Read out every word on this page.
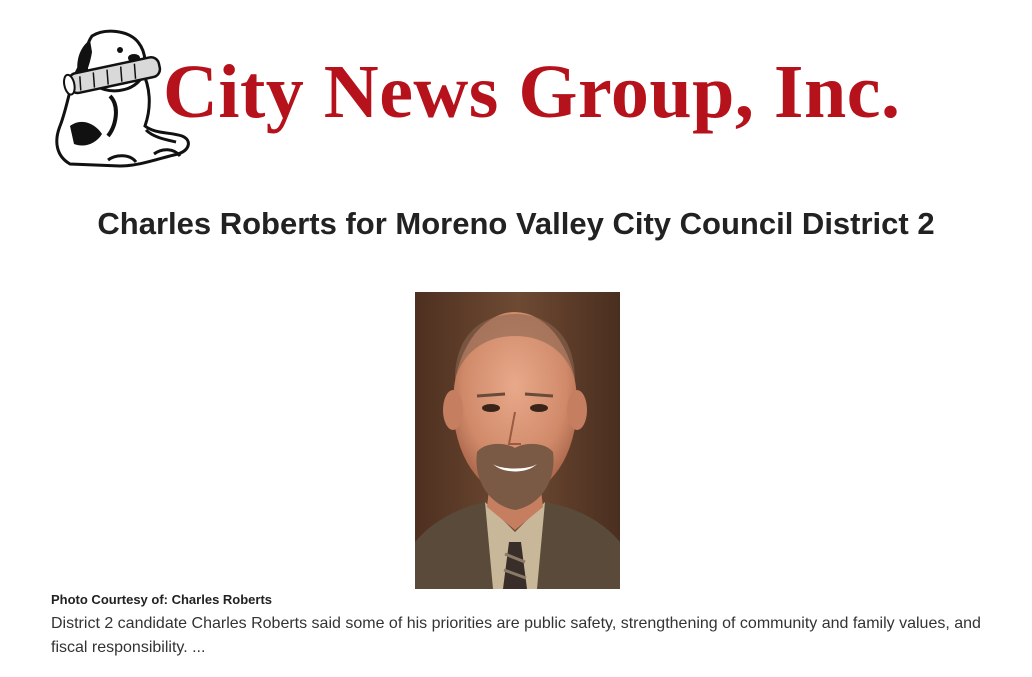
City News Group, Inc.
Charles Roberts for Moreno Valley City Council District 2
Photo Courtesy of: Charles Roberts

District 2 candidate Charles Roberts said some of his priorities are public safety, strengthening of community and family values, and fiscal responsibility. ...
